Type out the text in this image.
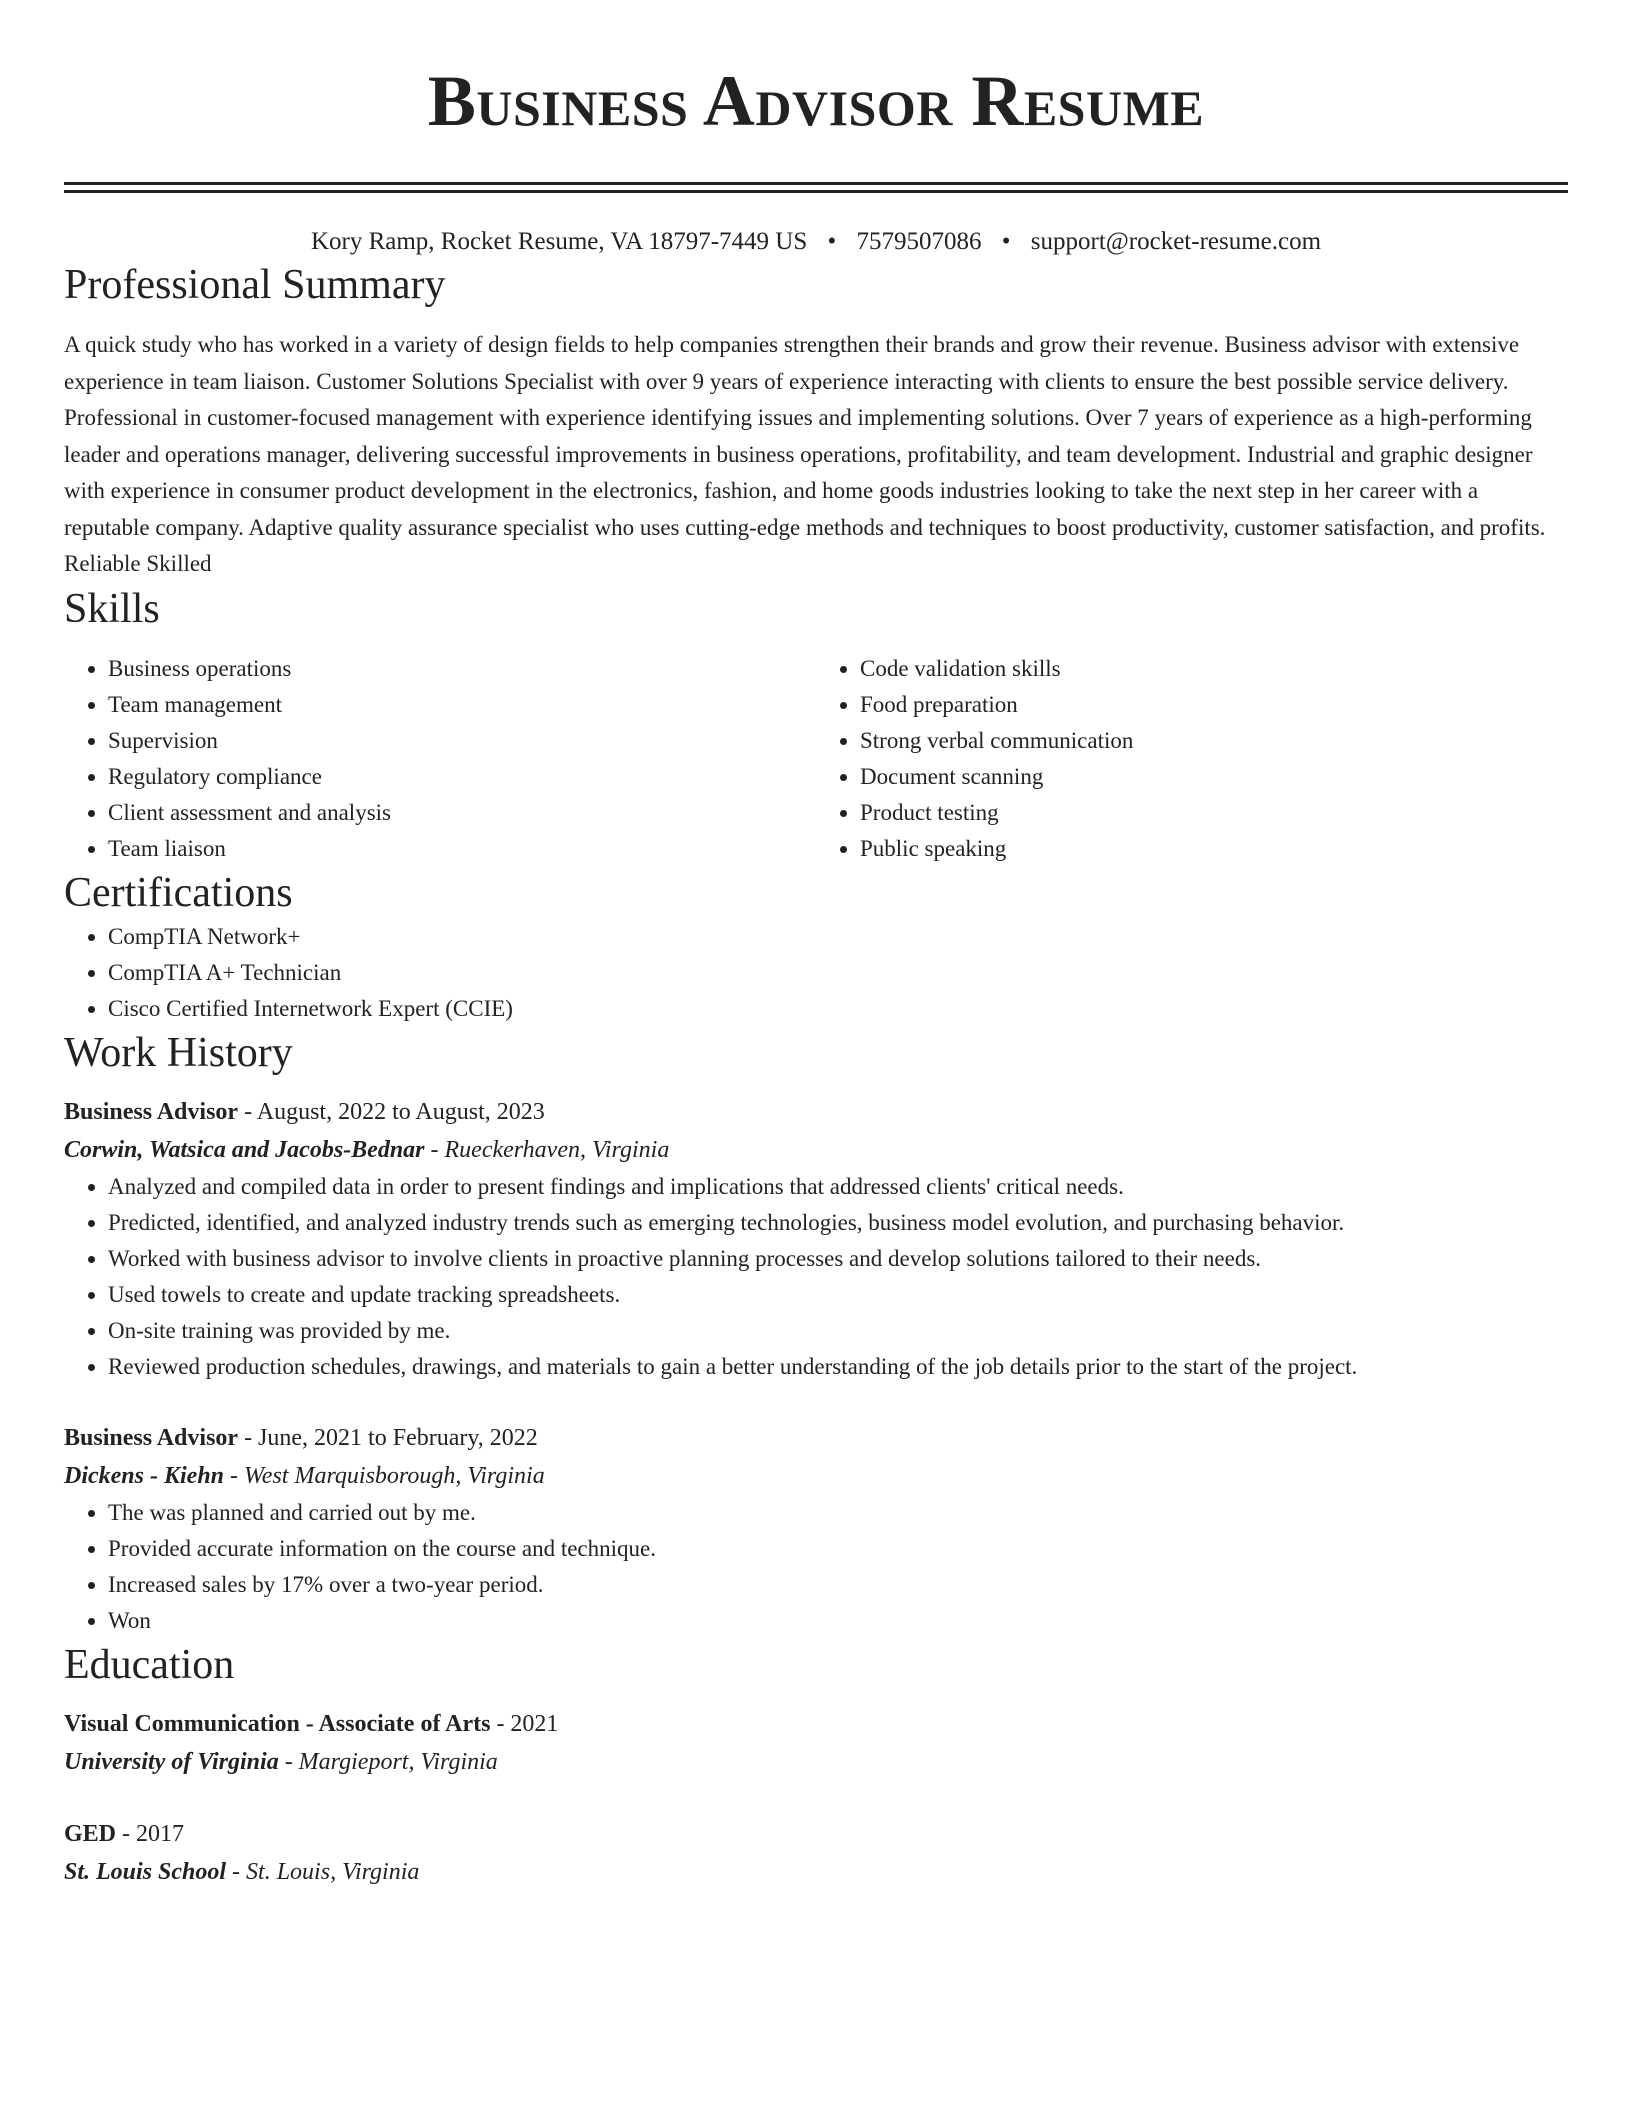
Business Advisor Resume
Kory Ramp, Rocket Resume, VA 18797-7449 US • 7579507086 • support@rocket-resume.com
Professional Summary

A quick study who has worked in a variety of design fields to help companies strengthen their brands and grow their revenue. Business advisor with extensive experience in team liaison. Customer Solutions Specialist with over 9 years of experience interacting with clients to ensure the best possible service delivery. Professional in customer-focused management with experience identifying issues and implementing solutions. Over 7 years of experience as a high-performing leader and operations manager, delivering successful improvements in business operations, profitability, and team development. Industrial and graphic designer with experience in consumer product development in the electronics, fashion, and home goods industries looking to take the next step in her career with a reputable company. Adaptive quality assurance specialist who uses cutting-edge methods and techniques to boost productivity, customer satisfaction, and profits. Reliable Skilled

Skills
• Business operations
• Team management
• Supervision
• Regulatory compliance
• Client assessment and analysis
• Team liaison
• Code validation skills
• Food preparation
• Strong verbal communication
• Document scanning
• Product testing
• Public speaking
Certifications
• CompTIA Network+
• CompTIA A+ Technician
• Cisco Certified Internetwork Expert (CCIE)
Work History
Business Advisor - August, 2022 to August, 2023
Corwin, Watsica and Jacobs-Bednar - Rueckerhaven, Virginia
• Analyzed and compiled data in order to present findings and implications that addressed clients' critical needs.
• Predicted, identified, and analyzed industry trends such as emerging technologies, business model evolution, and purchasing behavior.
• Worked with business advisor to involve clients in proactive planning processes and develop solutions tailored to their needs.
• Used towels to create and update tracking spreadsheets.
• On-site training was provided by me.
• Reviewed production schedules, drawings, and materials to gain a better understanding of the job details prior to the start of the project.
Business Advisor - June, 2021 to February, 2022
Dickens - Kiehn - West Marquisborough, Virginia
• The was planned and carried out by me.
• Provided accurate information on the course and technique.
• Increased sales by 17% over a two-year period.
• Won
Education
Visual Communication - Associate of Arts - 2021
University of Virginia - Margieport, Virginia
GED - 2017
St. Louis School - St. Louis, Virginia
